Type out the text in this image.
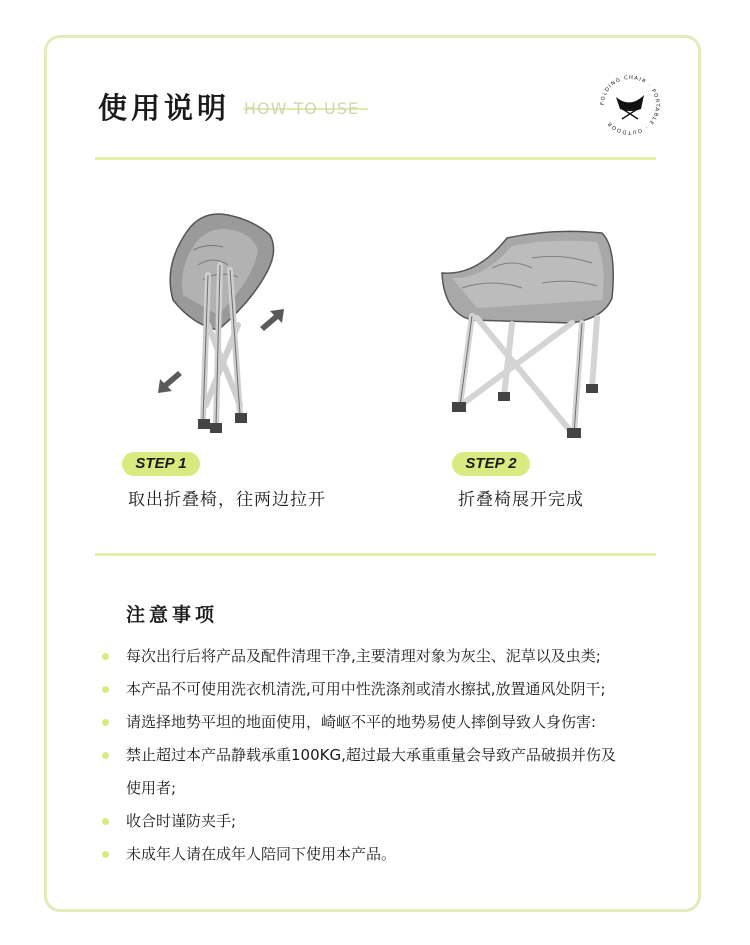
使用说明 HOW TO USE	FOLDING CHAIR · PORTABLE · OUTDOOR
STEP 1
取出折叠椅，往两边拉开
STEP 2
折叠椅展开完成
注意事项
每次出行后将产品及配件清理干净,主要清理对象为灰尘、泥草以及虫类;
本产品不可使用洗衣机清洗,可用中性洗涤剂或清水擦拭,放置通风处阴干;
请选择地势平坦的地面使用，崎岖不平的地势易使人摔倒导致人身伤害:
禁止超过本产品静载承重100KG,超过最大承重重量会导致产品破损并伤及
使用者;
收合时谨防夹手;
未成年人请在成年人陪同下使用本产品。
